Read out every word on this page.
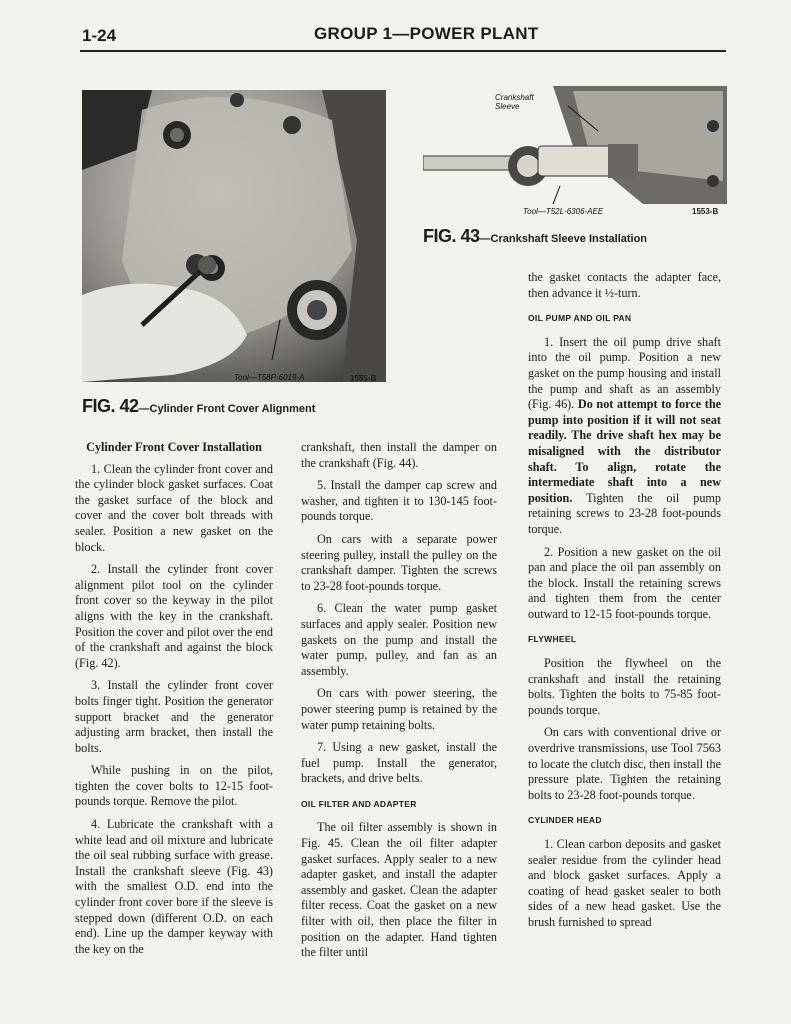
1-24	GROUP 1—POWER PLANT
Tool—T58P-6019-A	1555-B
FIG. 42—Cylinder Front Cover Alignment
Crankshaft Sleeve
Tool—T52L-6306-AEE	1553-B
FIG. 43—Crankshaft Sleeve Installation
Cylinder Front Cover Installation

1. Clean the cylinder front cover and the cylinder block gasket surfaces. Coat the gasket surface of the block and cover and the cover bolt threads with sealer. Position a new gasket on the block.

2. Install the cylinder front cover alignment pilot tool on the cylinder front cover so the keyway in the pilot aligns with the key in the crankshaft. Position the cover and pilot over the end of the crankshaft and against the block (Fig. 42).

3. Install the cylinder front cover bolts finger tight. Position the generator support bracket and the generator adjusting arm bracket, then install the bolts.

While pushing in on the pilot, tighten the cover bolts to 12-15 foot-pounds torque. Remove the pilot.

4. Lubricate the crankshaft with a white lead and oil mixture and lubricate the oil seal rubbing surface with grease. Install the crankshaft sleeve (Fig. 43) with the smallest O.D. end into the cylinder front cover bore if the sleeve is stepped down (different O.D. on each end). Line up the damper keyway with the key on the

crankshaft, then install the damper on the crankshaft (Fig. 44).

5. Install the damper cap screw and washer, and tighten it to 130-145 foot-pounds torque.

On cars with a separate power steering pulley, install the pulley on the crankshaft damper. Tighten the screws to 23-28 foot-pounds torque.

6. Clean the water pump gasket surfaces and apply sealer. Position new gaskets on the pump and install the water pump, pulley, and fan as an assembly.

On cars with power steering, the power steering pump is retained by the water pump retaining bolts.

7. Using a new gasket, install the fuel pump. Install the generator, brackets, and drive belts.

OIL FILTER AND ADAPTER

The oil filter assembly is shown in Fig. 45. Clean the oil filter adapter gasket surfaces. Apply sealer to a new adapter gasket, and install the adapter assembly and gasket. Clean the adapter filter recess. Coat the gasket on a new filter with oil, then place the filter in position on the adapter. Hand tighten the filter until

the gasket contacts the adapter face, then advance it ½-turn.

OIL PUMP AND OIL PAN

1. Insert the oil pump drive shaft into the oil pump. Position a new gasket on the pump housing and install the pump and shaft as an assembly (Fig. 46). Do not attempt to force the pump into position if it will not seat readily. The drive shaft hex may be misaligned with the distributor shaft. To align, rotate the intermediate shaft into a new position. Tighten the oil pump retaining screws to 23-28 foot-pounds torque.

2. Position a new gasket on the oil pan and place the oil pan assembly on the block. Install the retaining screws and tighten them from the center outward to 12-15 foot-pounds torque.

FLYWHEEL

Position the flywheel on the crankshaft and install the retaining bolts. Tighten the bolts to 75-85 foot-pounds torque.

On cars with conventional drive or overdrive transmissions, use Tool 7563 to locate the clutch disc, then install the pressure plate. Tighten the retaining bolts to 23-28 foot-pounds torque.

CYLINDER HEAD

1. Clean carbon deposits and gasket sealer residue from the cylinder head and block gasket surfaces. Apply a coating of head gasket sealer to both sides of a new head gasket. Use the brush furnished to spread
